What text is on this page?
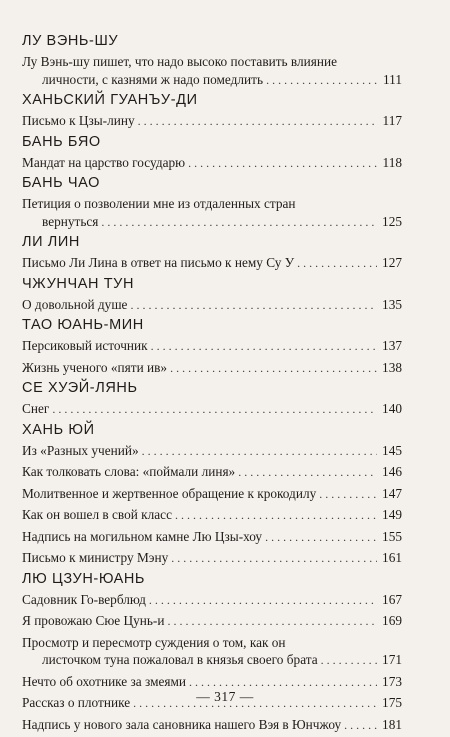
ЛУ ВЭНЬ-ШУ
Лу Вэнь-шу пишет, что надо высоко поставить влияние
личности, с казнями ж надо помедлить .....	111
ХАНЬСКИЙ ГУАНЪУ-ДИ
Письмо к Цзы-лину .....	117
БАНЬ БЯО
Мандат на царство государю .....	118
БАНЬ ЧАО
Петиция о позволении мне из отдаленных стран
вернуться .....	125
ЛИ ЛИН
Письмо Ли Лина в ответ на письмо к нему Су У .....	127
ЧЖУНЧАН ТУН
О довольной душе .....	135
ТАО ЮАНЬ-МИН
Персиковый источник .....	137
Жизнь ученого «пяти ив» .....	138
СЕ ХУЭЙ-ЛЯНЬ
Снег .....	140
ХАНЬ ЮЙ
Из «Разных учений» .....	145
Как толковать слова: «поймали линя» .....	146
Молитвенное и жертвенное обращение к крокодилу .....	147
Как он вошел в свой класс .....	149
Надпись на могильном камне Лю Цзы-хоу .....	155
Письмо к министру Мэну .....	161
ЛЮ ЦЗУН-ЮАНЬ
Садовник Го-верблюд .....	167
Я провожаю Сюе Цунь-и .....	169
Просмотр и пересмотр суждения о том, как он
листочком туна пожаловал в князья своего брата .....	171
Нечто об охотнике за змеями .....	173
Рассказ о плотнике .....	175
Надпись у нового зала сановника нашего Вэя в Юнчжоу .....	181
— 317 —
